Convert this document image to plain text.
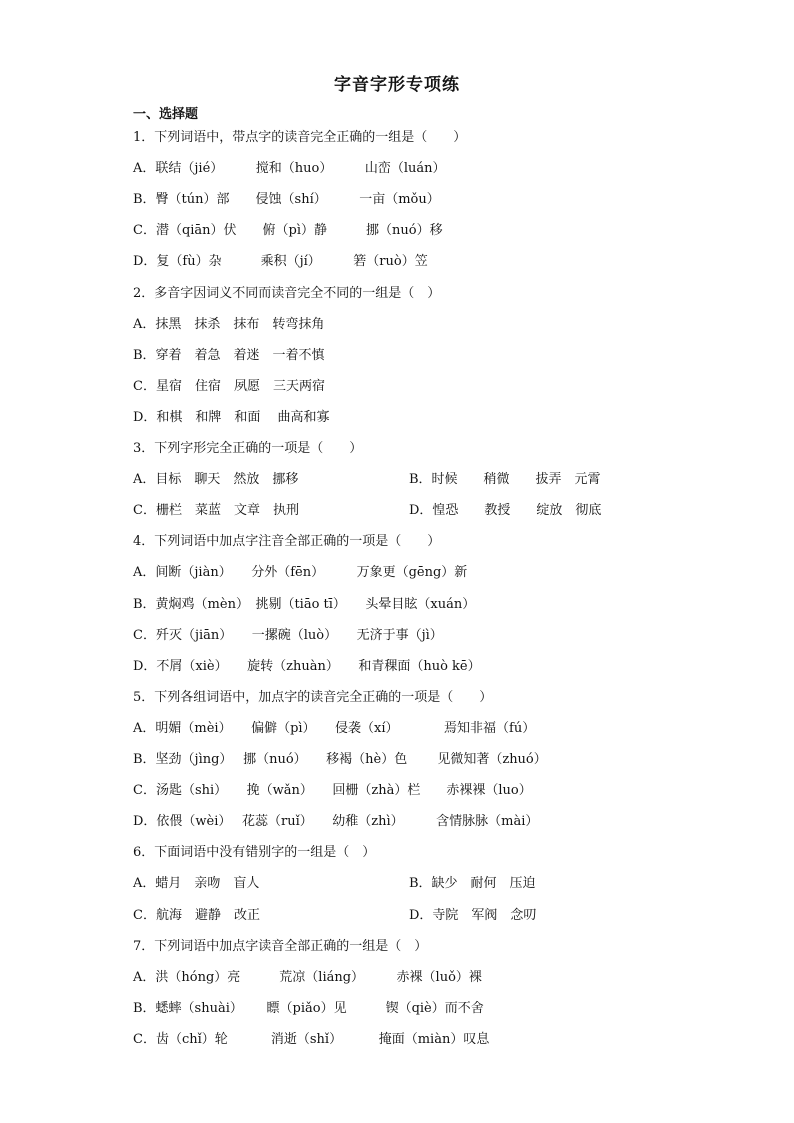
字音字形专项练
一、选择题
1．下列词语中，带点字的读音完全正确的一组是（　　）
A．联结（jié）　　　搅和（huo）　　　山峦（luán）
B．臀（tún）部　　侵蚀（shí）　　　一亩（mǒu）
C．潜（qiān）伏　　俯（pì）静　　　挪（nuó）移
D．复（fù）杂　　　乘积（jí）　　　箬（ruò）笠
2．多音字因词义不同而读音完全不同的一组是（　）
A．抹黑　抹杀　抹布　转弯抹角
B．穿着　着急　着迷　一着不慎
C．星宿　住宿　夙愿　三天两宿
D．和棋　和牌　和面　 曲高和寡
3．下列字形完全正确的一项是（　　）
A．目标　聊天　然放　挪移	B．时候　　稍微　　拔弄　元霄
C．栅栏　菜蓝　文章　执刑	D．惶恐　　教授　　绽放　彻底
4．下列词语中加点字注音全部正确的一项是（　　）
A．间断（jiàn）　　分外（fēn）　　　万象更（gēng）新
B．黄焖鸡（mèn）　挑剔（tiāo tī）　　头晕目眩（xuán）
C．歼灭（jiān）　　一摞碗（luò）　　无济于事（jì）
D．不屑（xiè）　　旋转（zhuàn）　　和青稞面（huò kē）
5．下列各组词语中，加点字的读音完全正确的一项是（　　）
A．明媚（mèi）　　偏僻（pì）　　侵袭（xí）　　　　焉知非福（fú）
B．坚劲（jìng）　 挪（nuó）　　移褐（hè）色　　 见微知著（zhuó）
C．汤匙（shi）　　挽（wǎn）　　回栅（zhà）栏　　赤裸裸（luo）
D．依偎（wèi）　 花蕊（ruǐ）　　幼稚（zhì）　　　含情脉脉（mài）
6．下面词语中没有错别字的一组是（　）
A．蜡月　亲吻　盲人	B．缺少　耐何　压迫
C．航海　避静　改正	D．寺院　军阀　念叨
7．下列词语中加点字读音全部正确的一组是（　）
A．洪（hóng）亮　　　荒凉（liáng）　　　赤裸（luǒ）裸
B．蟋蟀（shuài）　　 瞟（piǎo）见　　　锲（qiè）而不舍
C．齿（chǐ）轮　　　 消逝（shǐ）　　　 掩面（miàn）叹息
